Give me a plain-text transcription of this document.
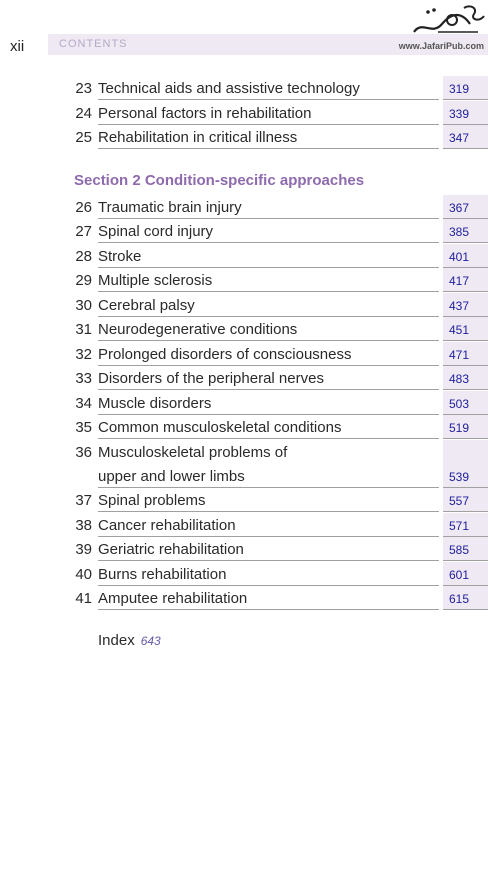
xii	CONTENTS	www.JafariPub.com
23 Technical aids and assistive technology	319
24 Personal factors in rehabilitation	339
25 Rehabilitation in critical illness	347
Section 2 Condition-specific approaches
26 Traumatic brain injury	367
27 Spinal cord injury	385
28 Stroke	401
29 Multiple sclerosis	417
30 Cerebral palsy	437
31 Neurodegenerative conditions	451
32 Prolonged disorders of consciousness	471
33 Disorders of the peripheral nerves	483
34 Muscle disorders	503
35 Common musculoskeletal conditions	519
36 Musculoskeletal problems of
upper and lower limbs	539
37 Spinal problems	557
38 Cancer rehabilitation	571
39 Geriatric rehabilitation	585
40 Burns rehabilitation	601
41 Amputee rehabilitation	615
Index 643
